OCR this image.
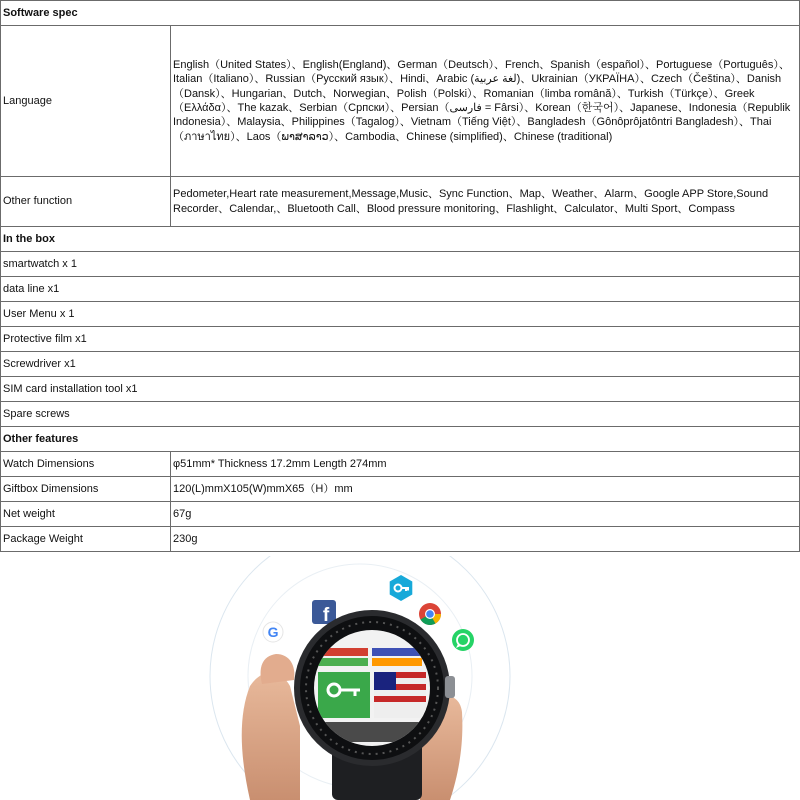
Software spec	
Language	English（United States）、English(England)、German（Deutsch）、French、Spanish（español）、Portuguese（Português）、Italian（Italiano）、Russian（Русский язык）、Hindi、Arabic (لغة عربية)、Ukrainian（УКРАЇНА）、Czech（Čeština）、Danish（Dansk）、Hungarian、Dutch、Norwegian、Polish（Polski）、Romanian（limba română）、Turkish（Türkçe）、Greek（Ελλάδα）、The kazak、Serbian（Српски）、Persian（فارسی = Fârsi）、Korean（한국어）、Japanese、Indonesia（Republik Indonesia）、Malaysia、Philippines（Tagalog）、Vietnam（Tiếng Việt）、Bangladesh（Gônôprôjatôntri Bangladesh）、Thai（ภาษาไทย）、Laos（ພາສາລາວ）、Cambodia、Chinese (simplified)、Chinese (traditional)
Other function	Pedometer,Heart rate measurement,Message,Music、Sync Function、Map、Weather、Alarm、Google APP Store,Sound Recorder、Calendar,、Bluetooth Call、Blood pressure monitoring、Flashlight、Calculator、Multi Sport、Compass
In the box	
smartwatch x 1	
data line x1	
User Menu x 1	
Protective film x1	
Screwdriver x1	
SIM card installation tool x1	
Spare screws	
Other features	
Watch Dimensions	φ51mm* Thickness 17.2mm Length 274mm
Giftbox Dimensions	120(L)mmX105(W)mmX65（H）mm
Net weight	67g
Package Weight	230g
G
f
